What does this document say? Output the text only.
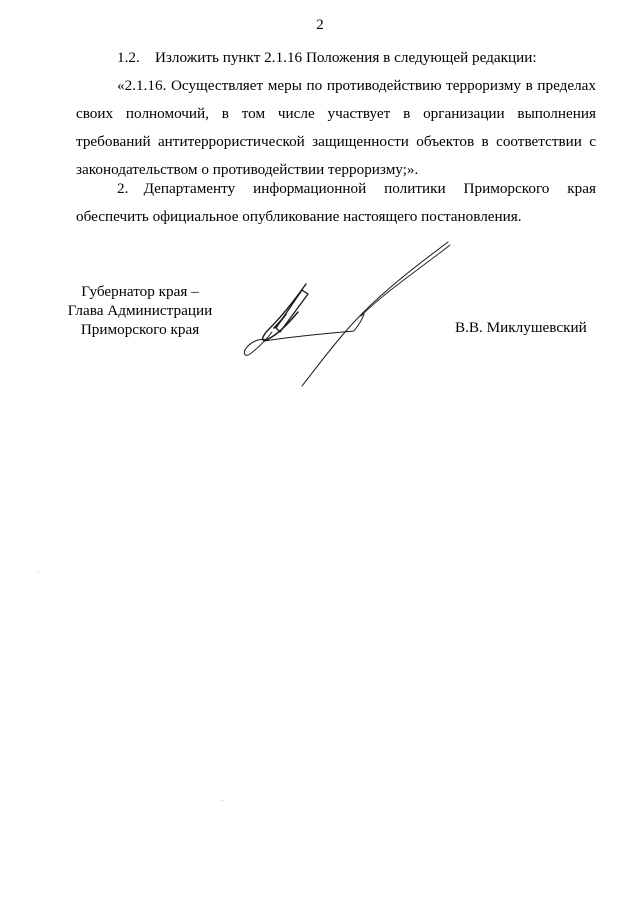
2

1.2. Изложить пункт 2.1.16 Положения в следующей редакции:

«2.1.16. Осуществляет меры по противодействию терроризму в пределах своих полномочий, в том числе участвует в организации выполнения требований антитеррористической защищенности объектов в соответствии с законодательством о противодействии терроризму;».

2. Департаменту информационной политики Приморского края обеспечить официальное опубликование настоящего постановления.

Губернатор края –
Глава Администрации
Приморского края	В.В. Миклушевский
